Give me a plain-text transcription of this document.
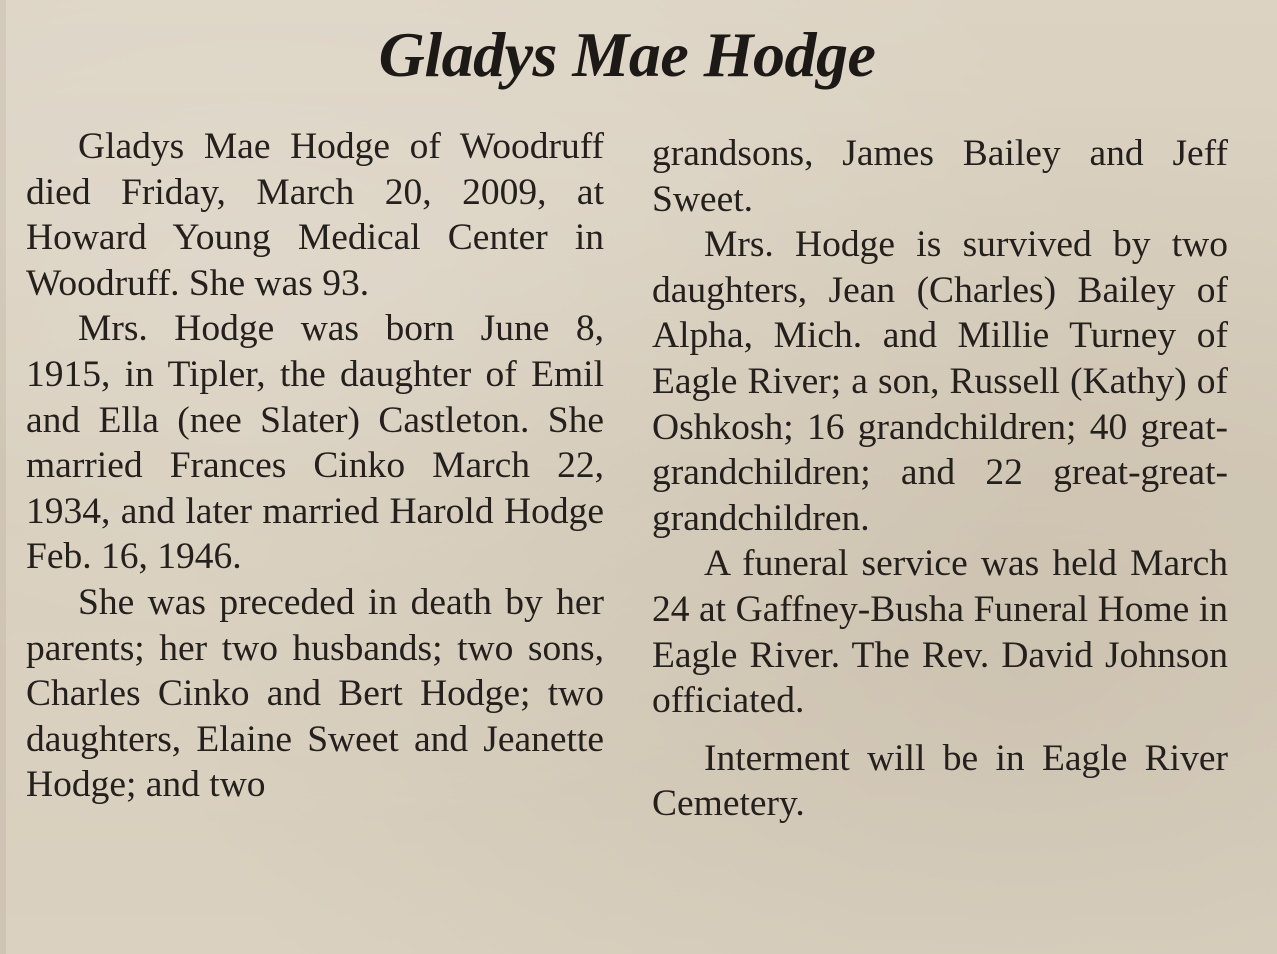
Gladys Mae Hodge

Gladys Mae Hodge of Woodruff died Friday, March 20, 2009, at Howard Young Medical Center in Woodruff. She was 93.

Mrs. Hodge was born June 8, 1915, in Tipler, the daughter of Emil and Ella (nee Slater) Castleton. She married Frances Cinko March 22, 1934, and later married Harold Hodge Feb. 16, 1946.

She was preceded in death by her parents; her two husbands; two sons, Charles Cinko and Bert Hodge; two daughters, Elaine Sweet and Jeanette Hodge; and two

grandsons, James Bailey and Jeff Sweet.

Mrs. Hodge is survived by two daughters, Jean (Charles) Bailey of Alpha, Mich. and Millie Turney of Eagle River; a son, Russell (Kathy) of Oshkosh; 16 grandchildren; 40 great-grandchildren; and 22 great-great-grandchildren.

A funeral service was held March 24 at Gaffney-Busha Funeral Home in Eagle River. The Rev. David Johnson officiated.

Interment will be in Eagle River Cemetery.
